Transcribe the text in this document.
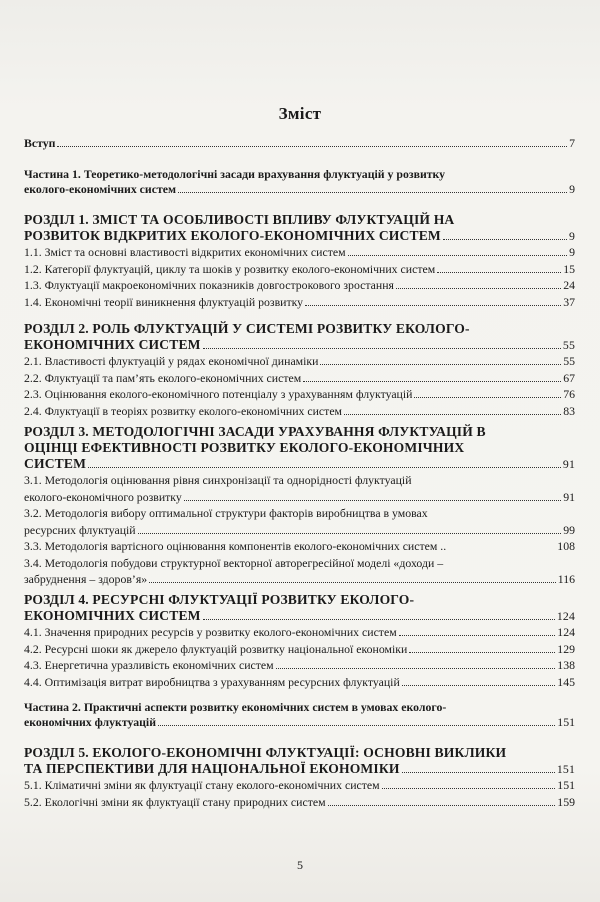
Зміст
Вступ	7
Частина 1. Теоретико-методологічні засади врахування флуктуацій у розвитку
еколого-економічних систем	9
РОЗДІЛ 1. ЗМІСТ ТА ОСОБЛИВОСТІ ВПЛИВУ ФЛУКТУАЦІЙ НА
РОЗВИТОК ВІДКРИТИХ ЕКОЛОГО-ЕКОНОМІЧНИХ СИСТЕМ	9
1.1. Зміст та основні властивості відкритих економічних систем	9
1.2. Категорії флуктуацій, циклу та шоків у розвитку еколого-економічних систем	15
1.3. Флуктуації макроекономічних показників довгострокового зростання	24
1.4. Економічні теорії виникнення флуктуацій розвитку	37
РОЗДІЛ 2. РОЛЬ ФЛУКТУАЦІЙ У СИСТЕМІ РОЗВИТКУ ЕКОЛОГО-
ЕКОНОМІЧНИХ СИСТЕМ	55
2.1. Властивості флуктуацій у рядах економічної динаміки	55
2.2. Флуктуації та пам’ять еколого-економічних систем	67
2.3. Оцінювання еколого-економічного потенціалу з урахуванням флуктуацій	76
2.4. Флуктуації в теоріях розвитку еколого-економічних систем	83
РОЗДІЛ 3. МЕТОДОЛОГІЧНІ ЗАСАДИ УРАХУВАННЯ ФЛУКТУАЦІЙ В
ОЦІНЦІ ЕФЕКТИВНОСТІ РОЗВИТКУ ЕКОЛОГО-ЕКОНОМІЧНИХ
СИСТЕМ	91
3.1. Методологія оцінювання рівня синхронізації та однорідності флуктуацій
еколого-економічного розвитку	91
3.2. Методологія вибору оптимальної структури факторів виробництва в умовах
ресурсних флуктуацій	99
3.3. Методологія вартісного оцінювання компонентів еколого-економічних систем ..	108
3.4. Методологія побудови структурної векторної авторегресійної моделі «доходи –
забруднення – здоров’я»	116
РОЗДІЛ 4. РЕСУРСНІ ФЛУКТУАЦІЇ РОЗВИТКУ ЕКОЛОГО-
ЕКОНОМІЧНИХ СИСТЕМ	124
4.1. Значення природних ресурсів у розвитку еколого-економічних систем	124
4.2. Ресурсні шоки як джерело флуктуацій розвитку національної економіки	129
4.3. Енергетична уразливість економічних систем	138
4.4. Оптимізація витрат виробництва з урахуванням ресурсних флуктуацій	145
Частина 2. Практичні аспекти розвитку економічних систем в умовах еколого-
економічних флуктуацій	151
РОЗДІЛ 5. ЕКОЛОГО-ЕКОНОМІЧНІ ФЛУКТУАЦІЇ: ОСНОВНІ ВИКЛИКИ
ТА ПЕРСПЕКТИВИ ДЛЯ НАЦІОНАЛЬНОЇ ЕКОНОМІКИ	151
5.1. Кліматичні зміни як флуктуації стану еколого-економічних систем	151
5.2. Екологічні зміни як флуктуації стану природних систем	159
5
